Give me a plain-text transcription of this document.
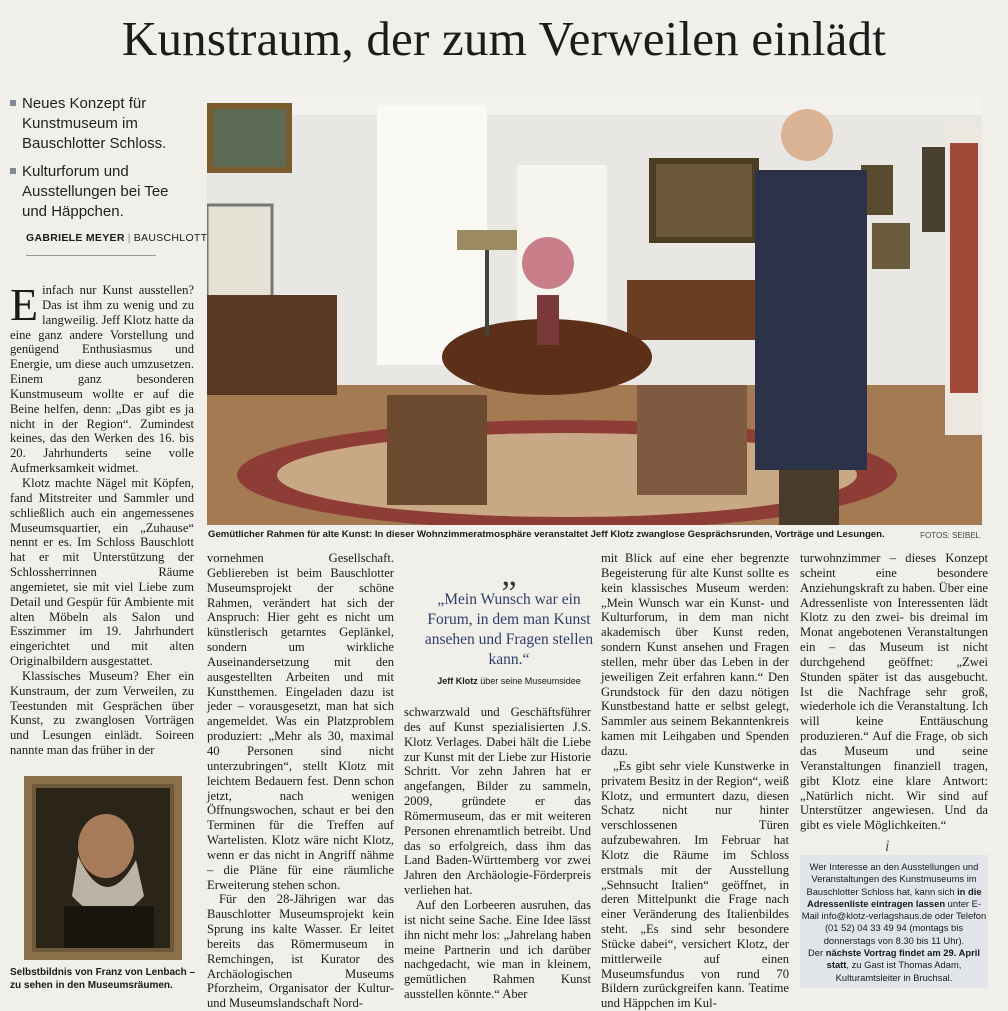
Kunstraum, der zum Verweilen einlädt
Neues Konzept für Kunstmuseum im Bauschlotter Schloss.
Kulturforum und Ausstellungen bei Tee und Häppchen.
GABRIELE MEYER | BAUSCHLOTT

Einfach nur Kunst ausstellen? Das ist ihm zu wenig und zu langweilig. Jeff Klotz hatte da eine ganz andere Vorstellung und genügend Enthusiasmus und Energie, um diese auch umzusetzen. Einem ganz besonderen Kunstmuseum wollte er auf die Beine helfen, denn: „Das gibt es ja nicht in der Region“. Zumindest keines, das den Werken des 16. bis 20. Jahrhunderts seine volle Aufmerksamkeit widmet.

Klotz machte Nägel mit Köpfen, fand Mitstreiter und Sammler und schließlich auch ein angemessenes Museumsquartier, ein „Zuhause“ nennt er es. Im Schloss Bauschlott hat er mit Unterstützung der Schlossherrinnen Räume angemietet, sie mit viel Liebe zum Detail und Gespür für Ambiente mit alten Möbeln als Salon und Esszimmer im 19. Jahrhundert eingerichtet und mit alten Originalbildern ausgestattet.

Klassisches Museum? Eher ein Kunstraum, der zum Verweilen, zu Teestunden mit Gesprächen über Kunst, zu zwanglosen Vorträgen und Lesungen einlädt. Soireen nannte man das früher in der

Gemütlicher Rahmen für alte Kunst: In dieser Wohnzimmeratmosphäre veranstaltet Jeff Klotz zwanglose Gesprächsrunden, Vorträge und Lesungen.	FOTOS: SEIBEL
Selbstbildnis von Franz von Lenbach – zu sehen in den Museumsräumen.

vornehmen Gesellschaft. Gebliereben ist beim Bauschlotter Museumsprojekt der schöne Rahmen, verändert hat sich der Anspruch: Hier geht es nicht um künstlerisch getarntes Geplänkel, sondern um wirkliche Auseinandersetzung mit den ausgestellten Arbeiten und mit Kunstthemen. Eingeladen dazu ist jeder – vorausgesetzt, man hat sich angemeldet. Was ein Platzproblem produziert: „Mehr als 30, maximal 40 Personen sind nicht unterzubringen“, stellt Klotz mit leichtem Bedauern fest. Denn schon jetzt, nach wenigen Öffnungswochen, schaut er bei den Terminen für die Treffen auf Wartelisten. Klotz wäre nicht Klotz, wenn er das nicht in Angriff nähme – die Pläne für eine räumliche Erweiterung stehen schon.

Für den 28-Jährigen war das Bauschlotter Museumsprojekt kein Sprung ins kalte Wasser. Er leitet bereits das Römermuseum in Remchingen, ist Kurator des Archäologischen Museums Pforzheim, Organisator der Kultur- und Museumslandschaft Nord-

„
„Mein Wunsch war ein Forum, in dem man Kunst ansehen und Fragen stellen kann.“
Jeff Klotz über seine Museumsidee

schwarzwald und Geschäftsführer des auf Kunst spezialisierten J.S. Klotz Verlages. Dabei hält die Liebe zur Kunst mit der Liebe zur Historie Schritt. Vor zehn Jahren hat er angefangen, Bilder zu sammeln, 2009, gründete er das Römermuseum, das er mit weiteren Personen ehrenamtlich betreibt. Und das so erfolgreich, dass ihm das Land Baden-Württemberg vor zwei Jahren den Archäologie-Förderpreis verliehen hat.

Auf den Lorbeeren ausruhen, das ist nicht seine Sache. Eine Idee lässt ihn nicht mehr los: „Jahrelang haben meine Partnerin und ich darüber nachgedacht, wie man in kleinem, gemütlichen Rahmen Kunst ausstellen könnte.“ Aber

mit Blick auf eine eher begrenzte Begeisterung für alte Kunst sollte es kein klassisches Museum werden: „Mein Wunsch war ein Kunst- und Kulturforum, in dem man nicht akademisch über Kunst reden, sondern Kunst ansehen und Fragen stellen, mehr über das Leben in der jeweiligen Zeit erfahren kann.“ Den Grundstock für den dazu nötigen Kunstbestand hatte er selbst gelegt, Sammler aus seinem Bekanntenkreis kamen mit Leihgaben und Spenden dazu.

„Es gibt sehr viele Kunstwerke in privatem Besitz in der Region“, weiß Klotz, und ermuntert dazu, diesen Schatz nicht nur hinter verschlossenen Türen aufzubewahren. Im Februar hat Klotz die Räume im Schloss erstmals mit der Ausstellung „Sehnsucht Italien“ geöffnet, in deren Mittelpunkt die Frage nach einer Veränderung des Italienbildes steht. „Es sind sehr besondere Stücke dabei“, versichert Klotz, der mittlerweile auf einen Museumsfundus von rund 70 Bildern zurückgreifen kann. Teatime und Häppchen im Kul-

turwohnzimmer – dieses Konzept scheint eine besondere Anziehungskraft zu haben. Über eine Adressenliste von Interessenten lädt Klotz zu den zwei- bis dreimal im Monat angebotenen Veranstaltungen ein – das Museum ist nicht durchgehend geöffnet: „Zwei Stunden später ist das ausgebucht. Ist die Nachfrage sehr groß, wiederhole ich die Veranstaltung. Ich will keine Enttäuschung produzieren.“ Auf die Frage, ob sich das Museum und seine Veranstaltungen finanziell tragen, gibt Klotz eine klare Antwort: „Natürlich nicht. Wir sind auf Unterstützer angewiesen. Und da gibt es viele Möglichkeiten.“

i
Wer Interesse an den Ausstellungen und Veranstaltungen des Kunstmuseums im Bauschlotter Schloss hat, kann sich in die Adressenliste eintragen lassen unter E-Mail info@klotz-verlagshaus.de oder Telefon (01 52) 04 33 49 94 (montags bis donnerstags von 8.30 bis 11 Uhr).
Der nächste Vortrag findet am 29. April statt, zu Gast ist Thomas Adam, Kulturamtsleiter in Bruchsal.
